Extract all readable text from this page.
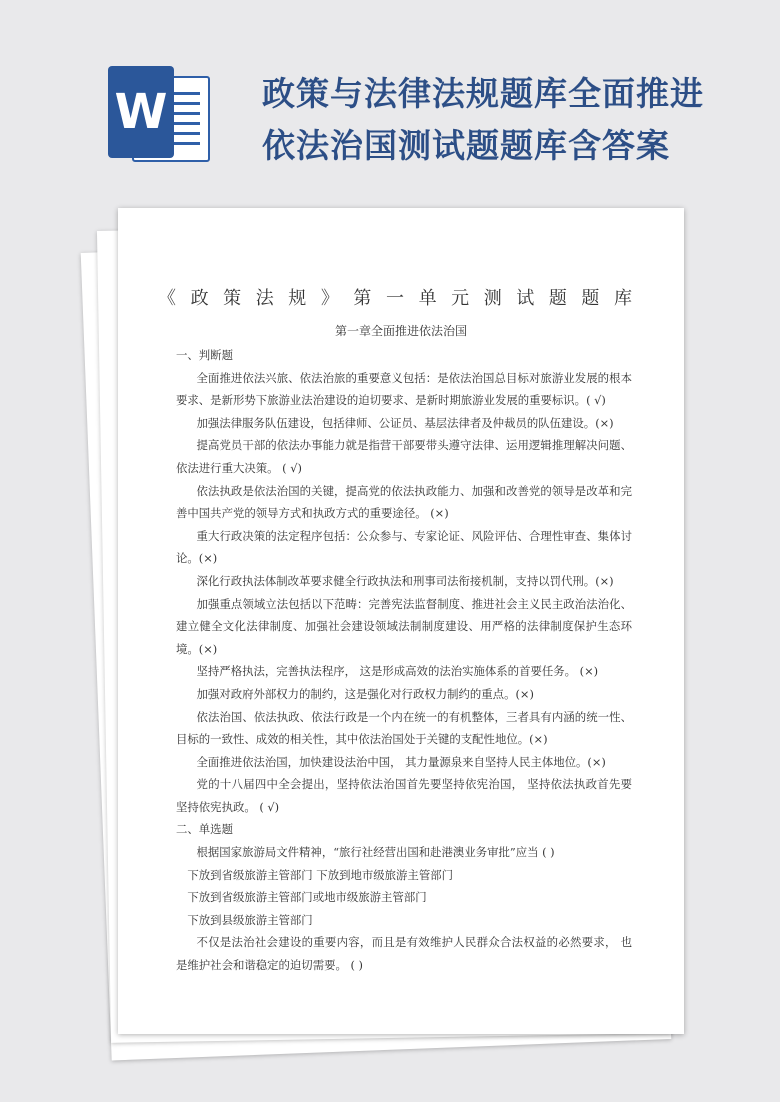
W	政策与法律法规题库全面推进
依法治国测试题题库含答案
《政策法规》第一单元测试题题库
第一章全面推进依法治国

一、判断题

全面推进依法兴旅、依法治旅的重要意义包括：是依法治国总目标对旅游业发展的根本要求、是新形势下旅游业法治建设的迫切要求、是新时期旅游业发展的重要标识。( √)

加强法律服务队伍建设，包括律师、公证员、基层法律者及仲裁员的队伍建设。(×)

提高党员干部的依法办事能力就是指营干部要带头遵守法律、运用逻辑推理解决问题、依法进行重大决策。 ( √)

依法执政是依法治国的关键，提高党的依法执政能力、加强和改善党的领导是改革和完善中国共产党的领导方式和执政方式的重要途径。 (×)

重大行政决策的法定程序包括：公众参与、专家论证、风险评估、合理性审查、集体讨论。(×)

深化行政执法体制改革要求健全行政执法和刑事司法衔接机制，支持以罚代刑。(×)

加强重点领域立法包括以下范畴：完善宪法监督制度、推进社会主义民主政治法治化、建立健全文化法律制度、加强社会建设领域法制制度建设、用严格的法律制度保护生态环境。(×)

坚持严格执法，完善执法程序， 这是形成高效的法治实施体系的首要任务。 (×)

加强对政府外部权力的制约，这是强化对行政权力制约的重点。(×)

依法治国、依法执政、依法行政是一个内在统一的有机整体，三者具有内涵的统一性、目标的一致性、成效的相关性，其中依法治国处于关键的支配性地位。(×)

全面推进依法治国，加快建设法治中国， 其力量源泉来自坚持人民主体地位。(×)

党的十八届四中全会提出，坚持依法治国首先要坚持依宪治国， 坚持依法执政首先要坚持依宪执政。 ( √)

二、单选题

根据国家旅游局文件精神，“旅行社经营出国和赴港澳业务审批”应当 ( )

下放到省级旅游主管部门 下放到地市级旅游主管部门

下放到省级旅游主管部门或地市级旅游主管部门

下放到县级旅游主管部门

不仅是法治社会建设的重要内容，而且是有效维护人民群众合法权益的必然要求， 也是维护社会和谐稳定的迫切需要。 ( )
